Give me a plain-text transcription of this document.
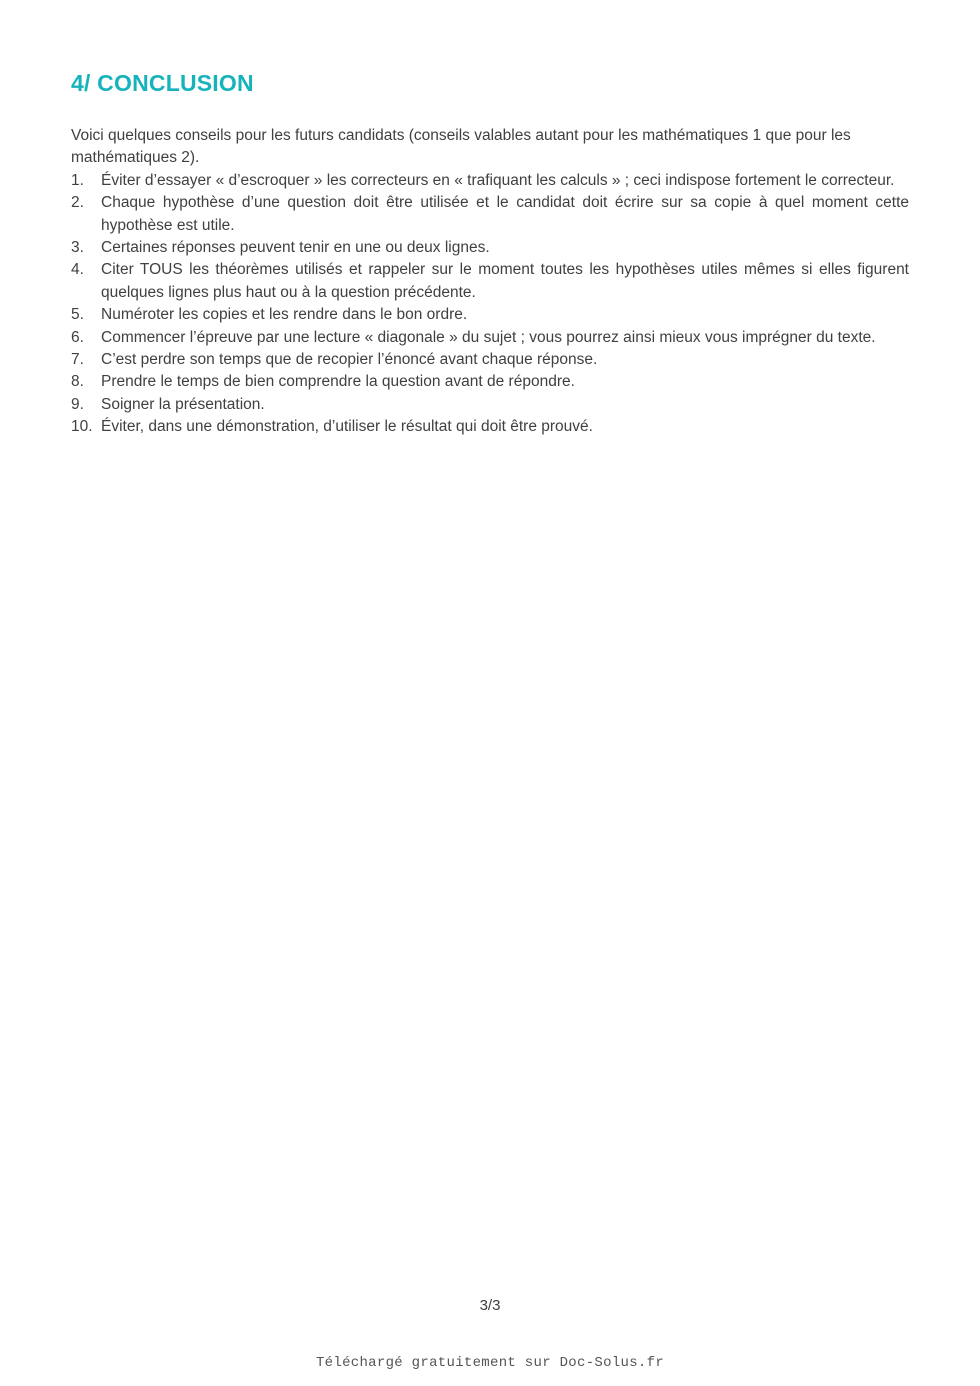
4/ CONCLUSION

Voici quelques conseils pour les futurs candidats (conseils valables autant pour les mathématiques 1 que pour les mathématiques 2).

1. Éviter d’essayer « d’escroquer » les correcteurs en « trafiquant les calculs » ; ceci indispose fortement le correcteur.
2. Chaque hypothèse d’une question doit être utilisée et le candidat doit écrire sur sa copie à quel moment cette hypothèse est utile.
3. Certaines réponses peuvent tenir en une ou deux lignes.
4. Citer TOUS les théorèmes utilisés et rappeler sur le moment toutes les hypothèses utiles mêmes si elles figurent quelques lignes plus haut ou à la question précédente.
5. Numéroter les copies et les rendre dans le bon ordre.
6. Commencer l’épreuve par une lecture « diagonale » du sujet ; vous pourrez ainsi mieux vous imprégner du texte.
7. C’est perdre son temps que de recopier l’énoncé avant chaque réponse.
8. Prendre le temps de bien comprendre la question avant de répondre.
9. Soigner la présentation.
10. Éviter, dans une démonstration, d’utiliser le résultat qui doit être prouvé.
3/3
Téléchargé gratuitement sur Doc-Solus.fr
